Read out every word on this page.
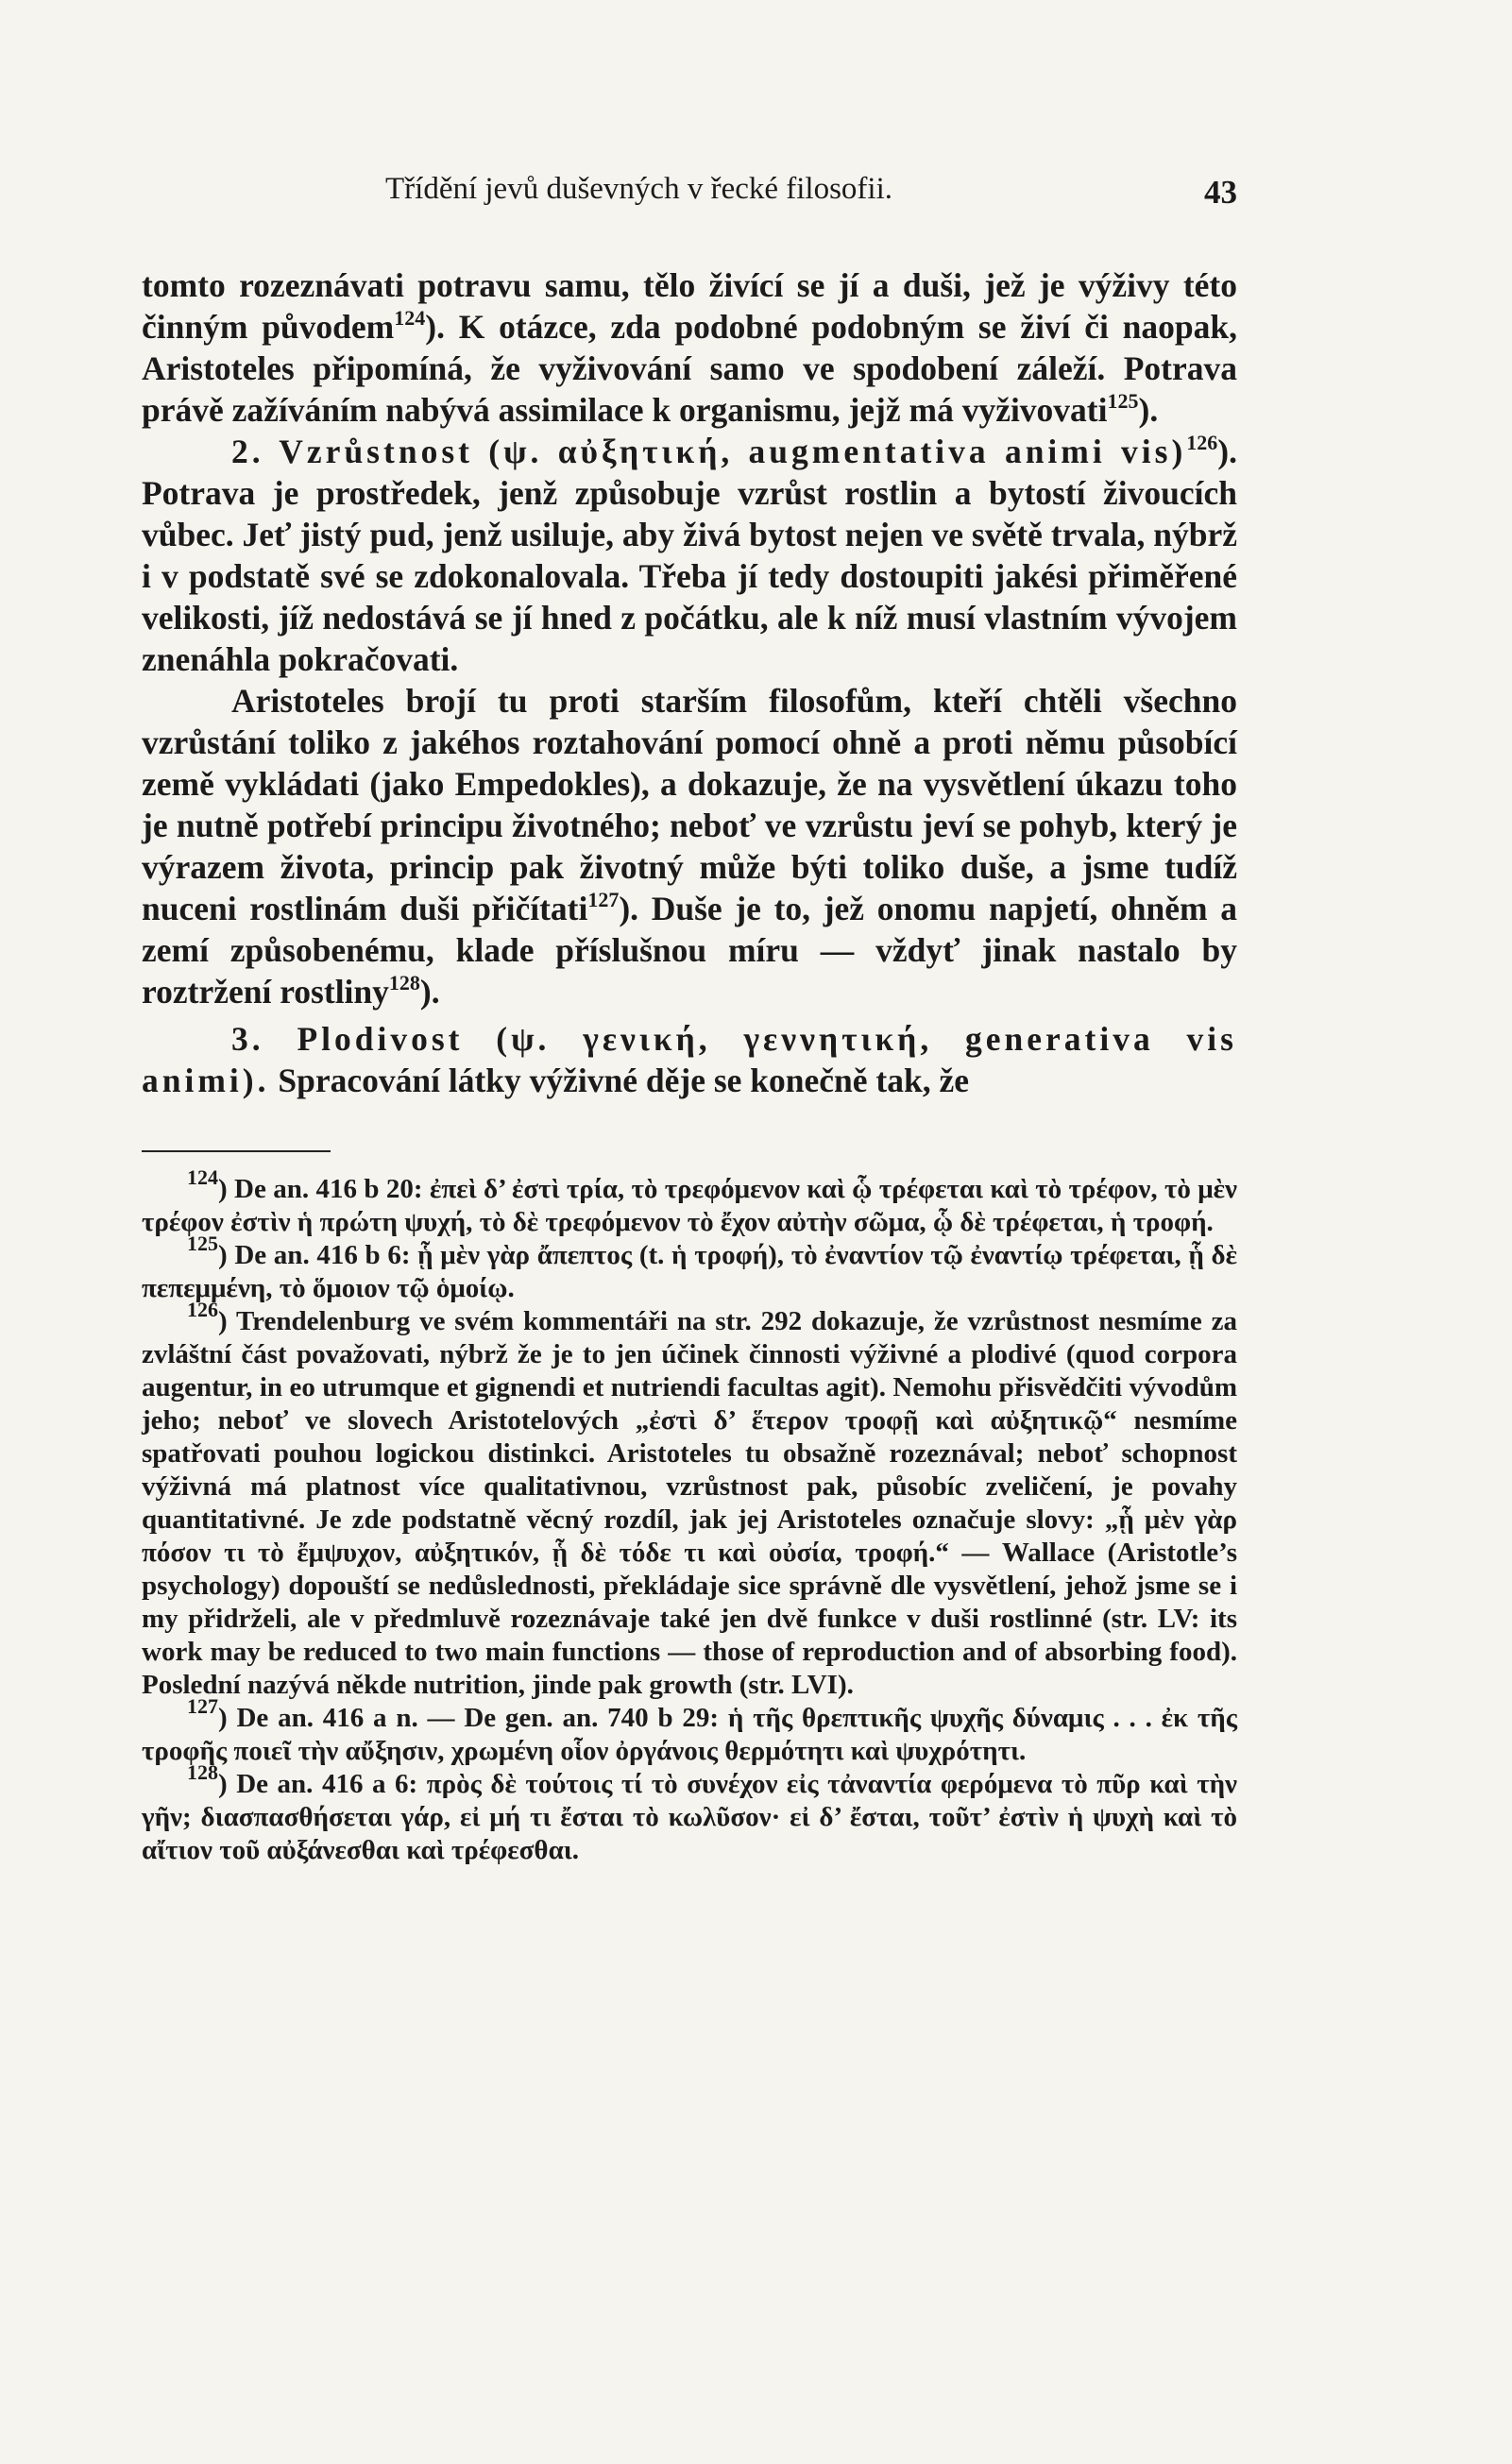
Třídění jevů duševných v řecké filosofii.	43

tomto rozeznávati potravu samu, tělo živící se jí a duši, jež je výživy této činným původem$^{124}$). K otázce, zda podobné podobným se živí či naopak, Aristoteles připomíná, že vyživování samo ve spodobení záleží. Potrava právě zažíváním nabývá assimilace k organismu, jejž má vyživovati$^{125}$).

2. Vzrůstnost (ψ. αὐξητική, augmentativa animi vis)$^{126}$). Potrava je prostředek, jenž způsobuje vzrůst rostlin a bytostí živoucích vůbec. Jeť jistý pud, jenž usiluje, aby živá bytost nejen ve světě trvala, nýbrž i v podstatě své se zdokonalovala. Třeba jí tedy dostoupiti jakési přiměřené velikosti, jíž nedostává se jí hned z počátku, ale k níž musí vlastním vývojem znenáhla pokračovati.

Aristoteles brojí tu proti starším filosofům, kteří chtěli všechno vzrůstání toliko z jakéhos roztahování pomocí ohně a proti němu působící země vykládati (jako Empedokles), a dokazuje, že na vysvětlení úkazu toho je nutně potřebí principu životného; neboť ve vzrůstu jeví se pohyb, který je výrazem života, princip pak životný může býti toliko duše, a jsme tudíž nuceni rostlinám duši přičítati$^{127}$). Duše je to, jež onomu napjetí, ohněm a zemí způsobenému, klade příslušnou míru — vždyť jinak nastalo by roztržení rostliny$^{128}$).

3. Plodivost (ψ. γενική, γεννητική, generativa vis animi). Spracování látky výživné děje se konečně tak, že

$^{124}$) De an. 416 b 20: ἐπεὶ δ’ ἐστὶ τρία, τὸ τρεφόμενον καὶ ᾧ τρέφεται καὶ τὸ τρέφον, τὸ μὲν τρέφον ἐστὶν ἡ πρώτη ψυχή, τὸ δὲ τρεφόμενον τὸ ἔχον αὐτὴν σῶμα, ᾧ δὲ τρέφεται, ἡ τροφή.

$^{125}$) De an. 416 b 6: ᾗ μὲν γὰρ ἄπεπτος (t. ἡ τροφή), τὸ ἐναντίον τῷ ἐναντίῳ τρέφεται, ᾗ δὲ πεπεμμένη, τὸ ὅμοιον τῷ ὁμοίῳ.

$^{126}$) Trendelenburg ve svém kommentáři na str. 292 dokazuje, že vzrůstnost nesmíme za zvláštní část považovati, nýbrž že je to jen účinek činnosti výživné a plodivé (quod corpora augentur, in eo utrumque et gignendi et nutriendi facultas agit). Nemohu přisvědčiti vývodům jeho; neboť ve slovech Aristotelových „ἐστὶ δ’ ἕτερον τροφῇ καὶ αὐξητικῷ“ nesmíme spatřovati pouhou logickou distinkci. Aristoteles tu obsažně rozeznával; neboť schopnost výživná má platnost více qualitativnou, vzrůstnost pak, působíc zveličení, je povahy quantitativné. Je zde podstatně věcný rozdíl, jak jej Aristoteles označuje slovy: „ᾗ μὲν γὰρ πόσον τι τὸ ἔμψυχον, αὐξητικόν, ᾗ δὲ τόδε τι καὶ οὐσία, τροφή.“ — Wallace (Aristotle’s psychology) dopouští se nedůslednosti, překládaje sice správně dle vysvětlení, jehož jsme se i my přidrželi, ale v předmluvě rozeznávaje také jen dvě funkce v duši rostlinné (str. LV: its work may be reduced to two main functions — those of reproduction and of absorbing food). Poslední nazývá někde nutrition, jinde pak growth (str. LVI).

$^{127}$) De an. 416 a n. — De gen. an. 740 b 29: ἡ τῆς θρεπτικῆς ψυχῆς δύναμις . . . ἐκ τῆς τροφῆς ποιεῖ τὴν αὔξησιν, χρωμένη οἷον ὀργάνοις θερμότητι καὶ ψυχρότητι.

$^{128}$) De an. 416 a 6: πρὸς δὲ τούτοις τί τὸ συνέχον εἰς τἀναντία φερόμενα τὸ πῦρ καὶ τὴν γῆν; διασπασθήσεται γάρ, εἰ μή τι ἔσται τὸ κωλῦσον· εἰ δ’ ἔσται, τοῦτ’ ἐστὶν ἡ ψυχὴ καὶ τὸ αἴτιον τοῦ αὐξάνεσθαι καὶ τρέφεσθαι.
